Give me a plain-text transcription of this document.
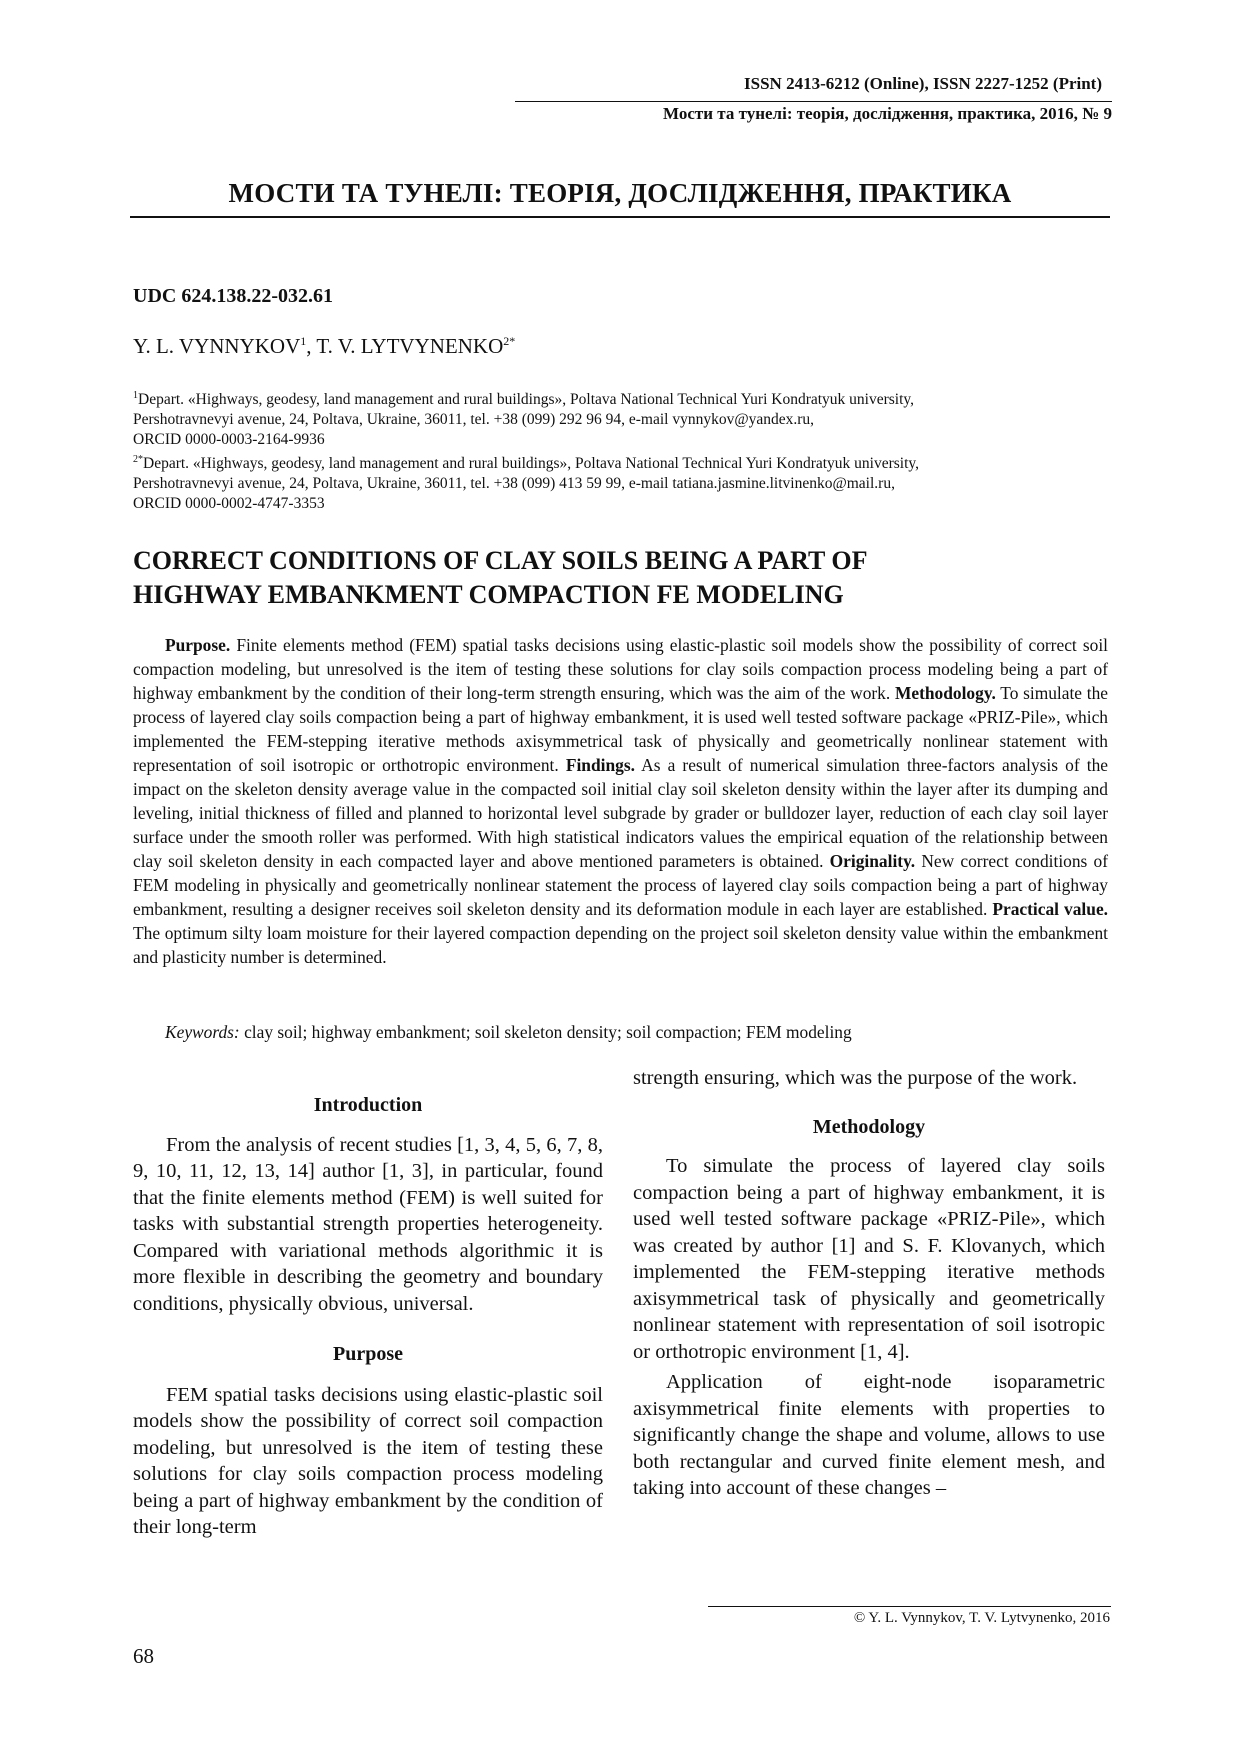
ISSN 2413-6212 (Online), ISSN 2227-1252 (Print)
Мости та тунелі: теорія, дослідження, практика, 2016, № 9
МОСТИ ТА ТУНЕЛІ: ТЕОРІЯ, ДОСЛІДЖЕННЯ, ПРАКТИКА
UDC 624.138.22-032.61
Y. L. VYNNYKOV$^1$, T. V. $LYTVYNENKO^{2*}$
$^1$Depart. «Highways, geodesy, land management and rural buildings», Poltava National Technical Yuri Kondratyuk university,
Pershotravnevyi avenue, 24, Poltava, Ukraine, 36011, tel. +38 (099) 292 96 94, e-mail vynnykov@yandex.ru,
ORCID 0000-0003-2164-9936
$^{2*}$Depart. «Highways, geodesy, land management and rural buildings», Poltava National Technical Yuri Kondratyuk university,
Pershotravnevyi avenue, 24, Poltava, Ukraine, 36011, tel. +38 (099) 413 59 99, e-mail tatiana.jasmine.litvinenko@mail.ru,
ORCID 0000-0002-4747-3353
CORRECT CONDITIONS OF CLAY SOILS BEING A PART OF
HIGHWAY EMBANKMENT COMPACTION FE MODELING

Purpose. Finite elements method (FEM) spatial tasks decisions using elastic-plastic soil models show the possibility of correct soil compaction modeling, but unresolved is the item of testing these solutions for clay soils compaction process modeling being a part of highway embankment by the condition of their long-term strength ensuring, which was the aim of the work. Methodology. To simulate the process of layered clay soils compaction being a part of highway embankment, it is used well tested software package «PRIZ-Pile», which implemented the FEM-stepping iterative methods axisymmetrical task of physically and geometrically nonlinear statement with representation of soil isotropic or orthotropic environment. Findings. As a result of numerical simulation three-factors analysis of the impact on the skeleton density average value in the compacted soil initial clay soil skeleton density within the layer after its dumping and leveling, initial thickness of filled and planned to horizontal level subgrade by grader or bulldozer layer, reduction of each clay soil layer surface under the smooth roller was performed. With high statistical indicators values the empirical equation of the relationship between clay soil skeleton density in each compacted layer and above mentioned parameters is obtained. Originality. New correct conditions of FEM modeling in physically and geometrically nonlinear statement the process of layered clay soils compaction being a part of highway embankment, resulting a designer receives soil skeleton density and its deformation module in each layer are established. Practical value. The optimum silty loam moisture for their layered compaction depending on the project soil skeleton density value within the embankment and plasticity number is determined.

Keywords: clay soil; highway embankment; soil skeleton density; soil compaction; FEM modeling

Introduction

From the analysis of recent studies [1, 3, 4, 5, 6, 7, 8, 9, 10, 11, 12, 13, 14] author [1, 3], in particular, found that the finite elements method (FEM) is well suited for tasks with substantial strength properties heterogeneity. Compared with variational methods algorithmic it is more flexible in describing the geometry and boundary conditions, physically obvious, universal.

Purpose

FEM spatial tasks decisions using elastic-plastic soil models show the possibility of correct soil compaction modeling, but unresolved is the item of testing these solutions for clay soils compaction process modeling being a part of highway embankment by the condition of their long-term

strength ensuring, which was the purpose of the work.

Methodology

To simulate the process of layered clay soils compaction being a part of highway embankment, it is used well tested software package «PRIZ-Pile», which was created by author [1] and S. F. Klovanych, which implemented the FEM-stepping iterative methods axisymmetrical task of physically and geometrically nonlinear statement with representation of soil isotropic or orthotropic environment [1, 4].

Application of eight-node isoparametric axisymmetrical finite elements with properties to significantly change the shape and volume, allows to use both rectangular and curved finite element mesh, and taking into account of these changes –

© Y. L. Vynnykov, T. V. Lytvynenko, 2016
68
